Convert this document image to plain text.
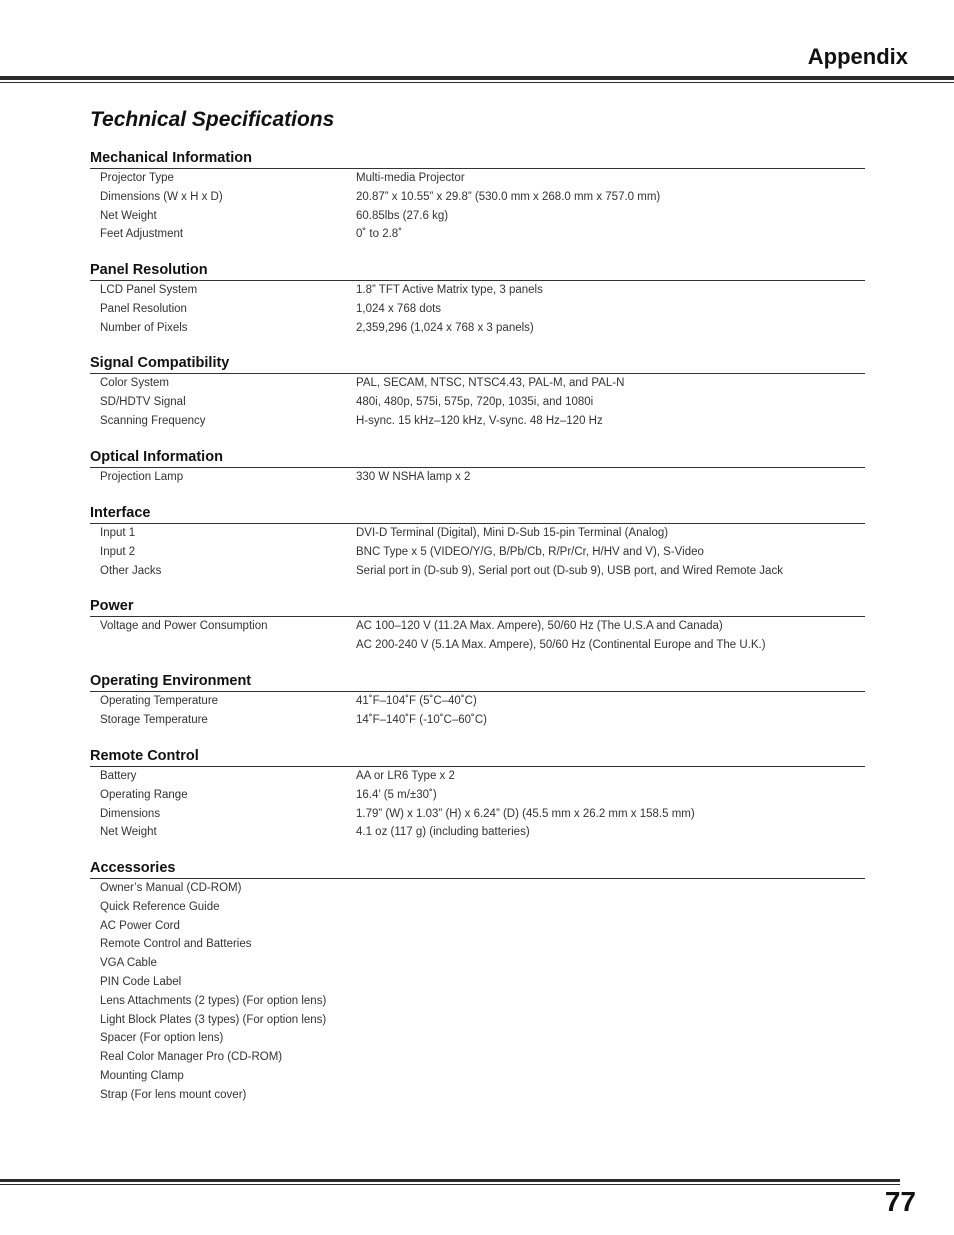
Appendix
Technical Specifications
Mechanical Information
Projector Type	Multi-media Projector
Dimensions (W x H x D)	20.87” x 10.55” x 29.8” (530.0 mm x 268.0 mm x 757.0 mm)
Net Weight	60.85lbs (27.6 kg)
Feet Adjustment	0˚ to 2.8˚
Panel Resolution
LCD Panel System	1.8” TFT Active Matrix type, 3 panels
Panel Resolution	1,024 x 768 dots
Number of Pixels	2,359,296 (1,024 x 768 x 3 panels)
Signal Compatibility
Color System	PAL, SECAM, NTSC, NTSC4.43, PAL-M, and PAL-N
SD/HDTV Signal	480i, 480p, 575i, 575p, 720p, 1035i, and 1080i
Scanning Frequency	H-sync. 15 kHz–120 kHz, V-sync. 48 Hz–120 Hz
Optical Information
Projection Lamp	330 W NSHA lamp x 2
Interface
Input 1	DVI-D Terminal (Digital), Mini D-Sub 15-pin Terminal (Analog)
Input 2	BNC Type x 5 (VIDEO/Y/G, B/Pb/Cb, R/Pr/Cr, H/HV and V), S-Video
Other Jacks	Serial port in (D-sub 9), Serial port out (D-sub 9), USB port, and Wired Remote Jack
Power
Voltage and Power Consumption	AC 100–120 V (11.2A Max. Ampere), 50/60 Hz (The U.S.A and Canada)
AC 200-240 V (5.1A Max. Ampere), 50/60 Hz (Continental Europe and The U.K.)
Operating Environment
Operating Temperature	41˚F–104˚F (5˚C–40˚C)
Storage Temperature	14˚F–140˚F (-10˚C–60˚C)
Remote Control
Battery	AA or LR6 Type x 2
Operating Range	16.4’ (5 m/±30˚)
Dimensions	1.79” (W) x 1.03” (H) x 6.24” (D) (45.5 mm x 26.2 mm x 158.5 mm)
Net Weight	4.1 oz (117 g) (including batteries)
Accessories
Owner’s Manual (CD-ROM)
Quick Reference Guide
AC Power Cord
Remote Control and Batteries
VGA Cable
PIN Code Label
Lens Attachments (2 types) (For option lens)
Light Block Plates (3 types) (For option lens)
Spacer (For option lens)
Real Color Manager Pro (CD-ROM)
Mounting Clamp
Strap (For lens mount cover)
77
